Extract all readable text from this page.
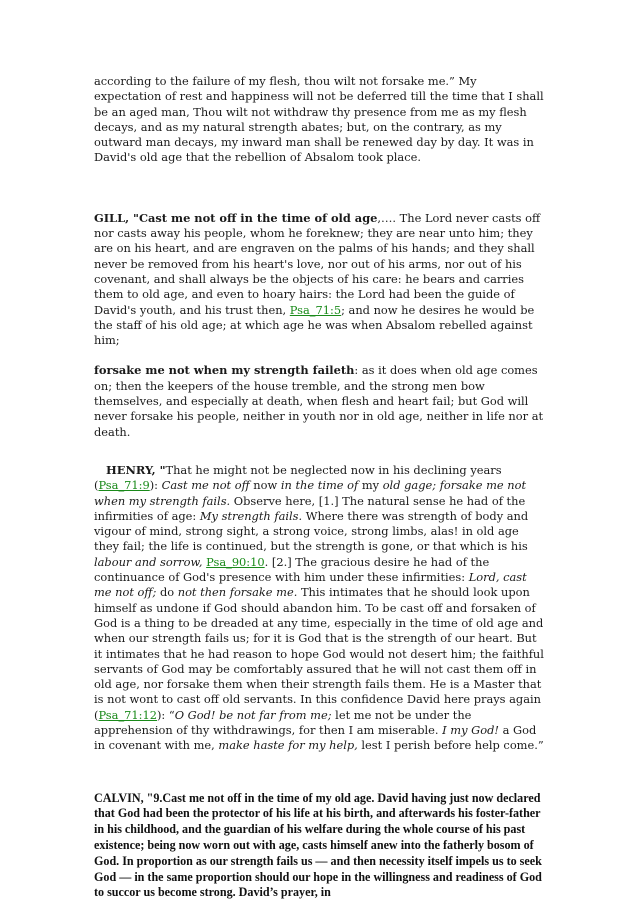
according to the failure of my flesh, thou wilt not forsake me.” My expectation of rest and happiness will not be deferred till the time that I shall be an aged man, Thou wilt not withdraw thy presence from me as my flesh decays, and as my natural strength abates; but, on the contrary, as my outward man decays, my inward man shall be renewed day by day. It was in David's old age that the rebellion of Absalom took place.

GILL, "Cast me not off in the time of old age,…. The Lord never casts off nor casts away his people, whom he foreknew; they are near unto him; they are on his heart, and are engraven on the palms of his hands; and they shall never be removed from his heart's love, nor out of his arms, nor out of his covenant, and shall always be the objects of his care: he bears and carries them to old age, and even to hoary hairs: the Lord had been the guide of David's youth, and his trust then, Psa_71:5; and now he desires he would be the staff of his old age; at which age he was when Absalom rebelled against him;

forsake me not when my strength faileth: as it does when old age comes on; then the keepers of the house tremble, and the strong men bow themselves, and especially at death, when flesh and heart fail; but God will never forsake his people, neither in youth nor in old age, neither in life nor at death.

HENRY, "That he might not be neglected now in his declining years (Psa_71:9): Cast me not off now in the time of my old gage; forsake me not when my strength fails. Observe here, [1.] The natural sense he had of the infirmities of age: My strength fails. Where there was strength of body and vigour of mind, strong sight, a strong voice, strong limbs, alas! in old age they fail; the life is continued, but the strength is gone, or that which is his labour and sorrow, Psa_90:10. [2.] The gracious desire he had of the continuance of God's presence with him under these infirmities: Lord, cast me not off; do not then forsake me. This intimates that he should look upon himself as undone if God should abandon him. To be cast off and forsaken of God is a thing to be dreaded at any time, especially in the time of old age and when our strength fails us; for it is God that is the strength of our heart. But it intimates that he had reason to hope God would not desert him; the faithful servants of God may be comfortably assured that he will not cast them off in old age, nor forsake them when their strength fails them. He is a Master that is not wont to cast off old servants. In this confidence David here prays again (Psa_71:12): “O God! be not far from me; let me not be under the apprehension of thy withdrawings, for then I am miserable. I my God! a God in covenant with me, make haste for my help, lest I perish before help come.”

CALVIN, "9.Cast me not off in the time of my old age. David having just now declared that God had been the protector of his life at his birth, and afterwards his foster-father in his childhood, and the guardian of his welfare during the whole course of his past existence; being now worn out with age, casts himself anew into the fatherly bosom of God. In proportion as our strength fails us — and then necessity itself impels us to seek God — in the same proportion should our hope in the willingness and readiness of God to succor us become strong. David’s prayer, in
